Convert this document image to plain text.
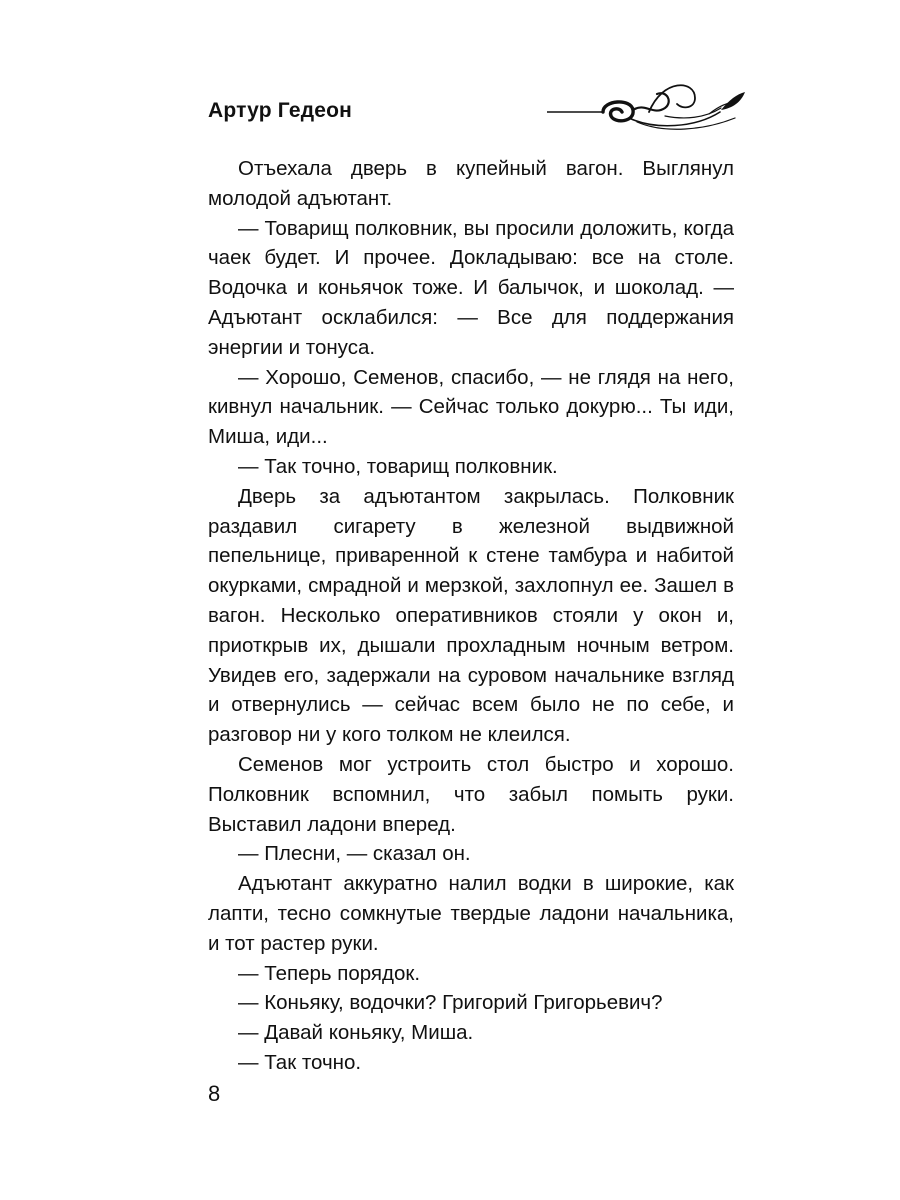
Артур Гедеон

Отъехала дверь в купейный вагон. Выглянул молодой адъютант.

— Товарищ полковник, вы просили доложить, когда чаек будет. И прочее. Докладываю: все на столе. Водочка и коньячок тоже. И балычок, и шоколад. — Адъютант осклабился: — Все для поддержания энергии и тонуса.

— Хорошо, Семенов, спасибо, — не глядя на него, кивнул начальник. — Сейчас только докурю... Ты иди, Миша, иди...

— Так точно, товарищ полковник.

Дверь за адъютантом закрылась. Полковник раздавил сигарету в железной выдвижной пепельнице, приваренной к стене тамбура и набитой окурками, смрадной и мерзкой, захлопнул ее. Зашел в вагон. Несколько оперативников стояли у окон и, приоткрыв их, дышали прохладным ночным ветром. Увидев его, задержали на суровом начальнике взгляд и отвернулись — сейчас всем было не по себе, и разговор ни у кого толком не клеился.

Семенов мог устроить стол быстро и хорошо. Полковник вспомнил, что забыл помыть руки. Выставил ладони вперед.

— Плесни, — сказал он.

Адъютант аккуратно налил водки в широкие, как лапти, тесно сомкнутые твердые ладони начальника, и тот растер руки.

— Теперь порядок.

— Коньяку, водочки? Григорий Григорьевич?

— Давай коньяку, Миша.

— Так точно.

8
